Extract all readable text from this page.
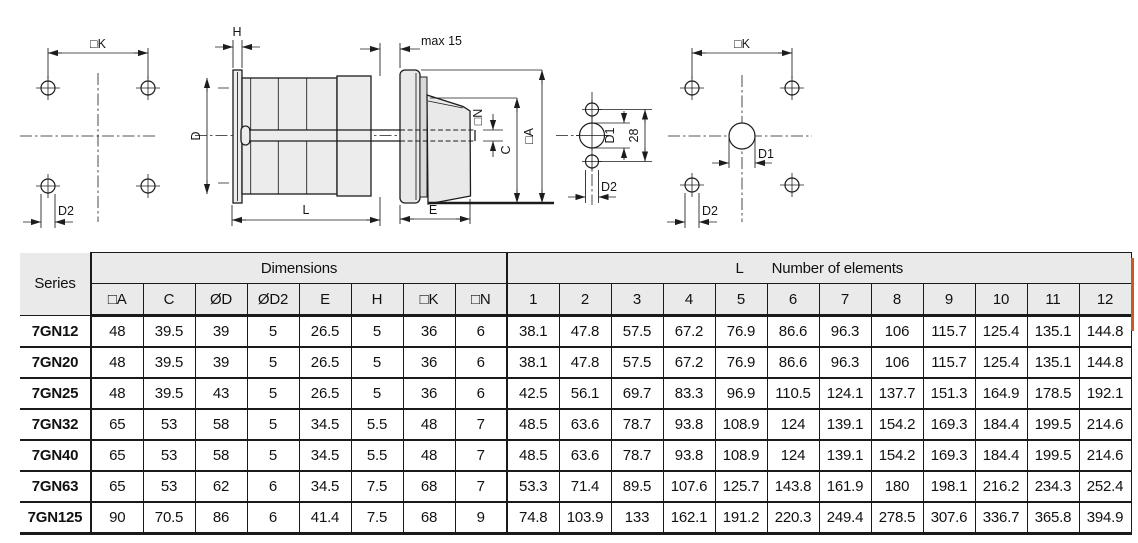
□K
D2
H
D
L
max 15
□N
C
□A
E
D1 28
D2
□K
D1
D2
Series	Dimensions								L Number of elements											
	□A	C	ØD	ØD2	E	H	□K	□N	1	2	3	4	5	6	7	8	9	10	11	12
7GN12	48	39.5	39	5	26.5	5	36	6	38.1	47.8	57.5	67.2	76.9	86.6	96.3	106	115.7	125.4	135.1	144.8
7GN20	48	39.5	39	5	26.5	5	36	6	38.1	47.8	57.5	67.2	76.9	86.6	96.3	106	115.7	125.4	135.1	144.8
7GN25	48	39.5	43	5	26.5	5	36	6	42.5	56.1	69.7	83.3	96.9	110.5	124.1	137.7	151.3	164.9	178.5	192.1
7GN32	65	53	58	5	34.5	5.5	48	7	48.5	63.6	78.7	93.8	108.9	124	139.1	154.2	169.3	184.4	199.5	214.6
7GN40	65	53	58	5	34.5	5.5	48	7	48.5	63.6	78.7	93.8	108.9	124	139.1	154.2	169.3	184.4	199.5	214.6
7GN63	65	53	62	6	34.5	7.5	68	7	53.3	71.4	89.5	107.6	125.7	143.8	161.9	180	198.1	216.2	234.3	252.4
7GN125	90	70.5	86	6	41.4	7.5	68	9	74.8	103.9	133	162.1	191.2	220.3	249.4	278.5	307.6	336.7	365.8	394.9
